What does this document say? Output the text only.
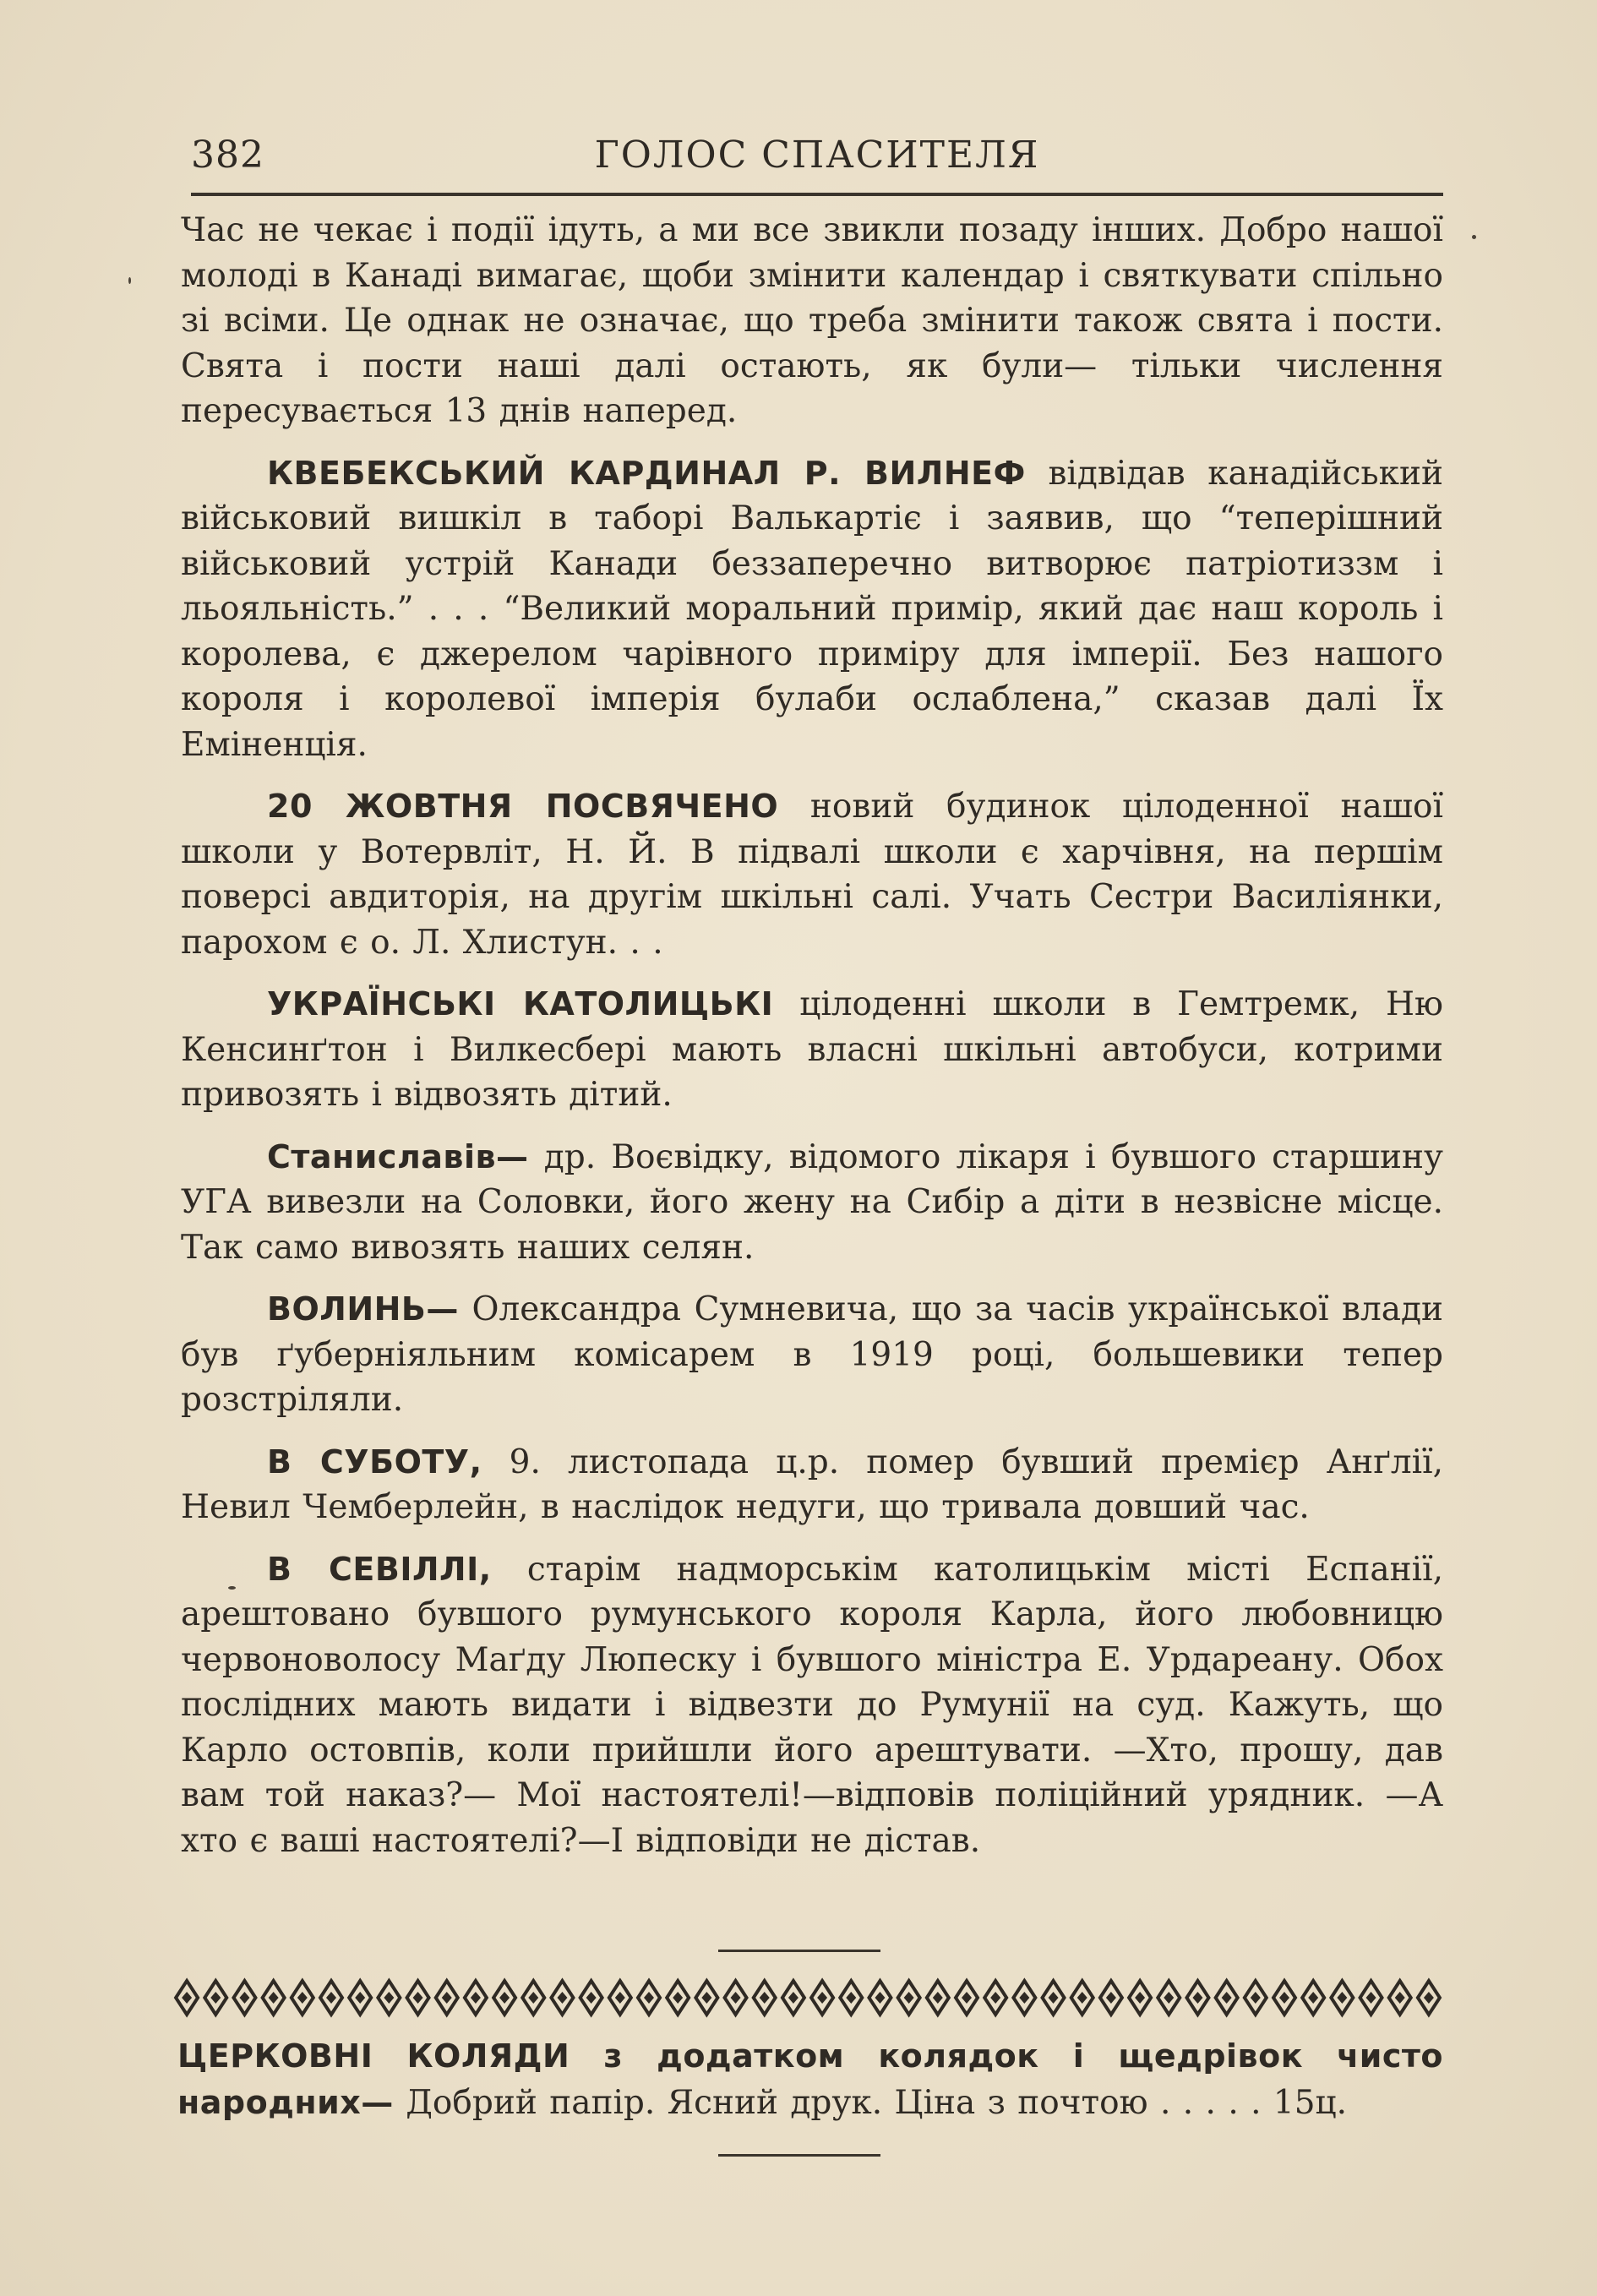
382	ГОЛОС СПАСИТЕЛЯ

Час не чекає і події ідуть, а ми все звикли позаду інших. Добро нашої молоді в Канаді вимагає, щоби змінити календар і святкувати спільно зі всіми. Це однак не означає, що треба змінити також свята і пости. Свята і пости наші далі остають, як були— тільки числення пересувається 13 днів наперед.

КВЕБЕКСЬКИЙ КАРДИНАЛ Р. ВИЛНЕФ відвідав канадійський військовий вишкіл в таборі Валькартіє і заявив, що “теперішний військовий устрій Канади беззаперечно витворює патріотиззм і льояльність.” . . . “Великий моральний примір, який дає наш король і королева, є джерелом чарівного приміру для імперії. Без нашого короля і королевої імперія булаби ослаблена,” сказав далі Їх Еміненція.

20 ЖОВТНЯ ПОСВЯЧЕНО новий будинок цілоденної нашої школи у Вотервліт, Н. Й. В підвалі школи є харчівня, на першім поверсі авдиторія, на другім шкільні салі. Учать Сестри Василіянки, парохом є о. Л. Хлистун. . .

УКРАЇНСЬКІ КАТОЛИЦЬКІ цілоденні школи в Гемтремк, Ню Кенсинґтон і Вилкесбері мають власні шкільні автобуси, котрими привозять і відвозять дітий.

Станиславів— др. Воєвідку, відомого лікаря і бувшого старшину УГА вивезли на Соловки, його жену на Сибір а діти в незвісне місце. Так само вивозять наших селян.

ВОЛИНЬ— Олександра Сумневича, що за часів української влади був ґуберніяльним комісарем в 1919 році, большевики тепер розстріляли.

В СУБОТУ, 9. листопада ц.р. помер бувший премієр Анґлії, Невил Чемберлейн, в наслідок недуги, що тривала довший час.

В СЕВІЛЛІ, старім надморськім католицькім місті Еспанії, арештовано бувшого румунського короля Карла, його любовницю червоноволосу Маґду Люпеску і бувшого міністра Е. Урдареану. Обох послідних мають видати і відвезти до Румунії на суд. Кажуть, що Карло остовпів, коли прийшли його арештувати. —Хто, прошу, дав вам той наказ?— Мої настоятелі!—відповів поліційний урядник. —А хто є ваші настоятелі?—І відповіди не дістав.

ЦЕРКОВНІ КОЛЯДИ з додатком колядок і щедрівок чисто народних— Добрий папір. Ясний друк. Ціна з почтою . . . . . 15ц.
